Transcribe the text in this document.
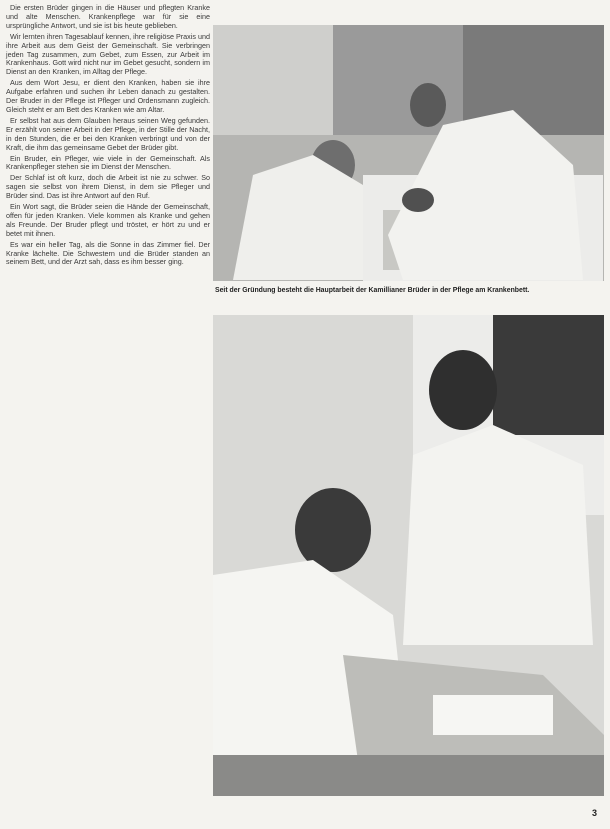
Die ersten Brüder gingen in die Häuser und pflegten Kranke und alte Menschen. Krankenpflege war für sie eine ursprüngliche Antwort, und sie ist bis heute geblieben.

Wir lernten ihren Tagesablauf kennen, ihre religiöse Praxis und ihre Arbeit aus dem Geist der Gemeinschaft. Sie verbringen jeden Tag zusammen, zum Gebet, zum Essen, zur Arbeit im Krankenhaus. Gott wird nicht nur im Gebet gesucht, sondern im Dienst an den Kranken, im Alltag der Pflege.

Aus dem Wort Jesu, er dient den Kranken, haben sie ihre Aufgabe erfahren und suchen ihr Leben danach zu gestalten. Der Bruder in der Pflege ist Pfleger und Ordensmann zugleich. Gleich steht er am Bett des Kranken wie am Altar.

Er selbst hat aus dem Glauben heraus seinen Weg gefunden. Er erzählt von seiner Arbeit in der Pflege, in der Stille der Nacht, in den Stunden, die er bei den Kranken verbringt und von der Kraft, die ihm das gemeinsame Gebet der Brüder gibt.

Ein Bruder, ein Pfleger, wie viele in der Gemeinschaft. Als Krankenpfleger stehen sie im Dienst der Menschen.

Der Schlaf ist oft kurz, doch die Arbeit ist nie zu schwer. So sagen sie selbst von ihrem Dienst, in dem sie Pfleger und Brüder sind. Das ist ihre Antwort auf den Ruf.

Ein Wort sagt, die Brüder seien die Hände der Gemeinschaft, offen für jeden Kranken. Viele kommen als Kranke und gehen als Freunde. Der Bruder pflegt und tröstet, er hört zu und er betet mit ihnen.

Es war ein heller Tag, als die Sonne in das Zimmer fiel. Der Kranke lächelte. Die Schwestern und die Brüder standen an seinem Bett, und der Arzt sah, dass es ihm besser ging.

Seit der Gründung besteht die Hauptarbeit der Kamillianer Brüder in der Pflege am Krankenbett.
3
